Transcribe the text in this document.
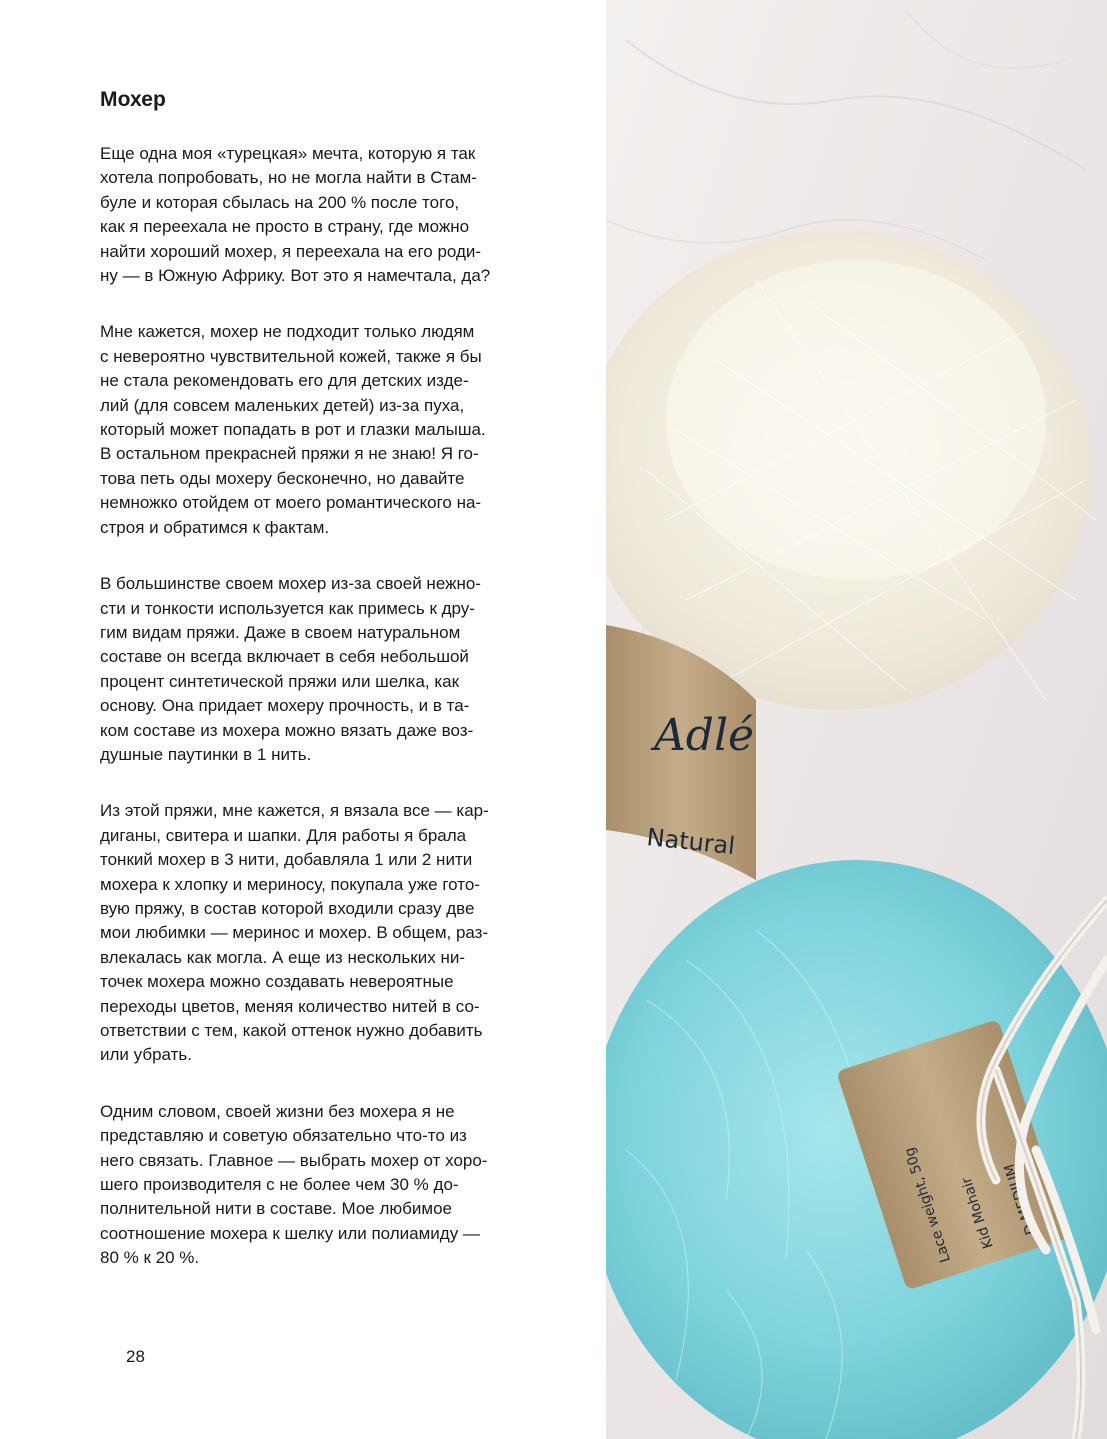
Мохер

Еще одна моя «турецкая» мечта, которую я так
хотела попробовать, но не могла найти в Стам-
буле и которая сбылась на 200 % после того,
как я переехала не просто в страну, где можно
найти хороший мохер, я переехала на его роди-
ну — в Южную Африку. Вот это я намечтала, да?

Мне кажется, мохер не подходит только людям
с невероятно чувствительной кожей, также я бы
не стала рекомендовать его для детских изде-
лий (для совсем маленьких детей) из-за пуха,
который может попадать в рот и глазки малыша.
В остальном прекрасней пряжи я не знаю! Я го-
това петь оды мохеру бесконечно, но давайте
немножко отойдем от моего романтического на-
строя и обратимся к фактам.

В большинстве своем мохер из-за своей нежно-
сти и тонкости используется как примесь к дру-
гим видам пряжи. Даже в своем натуральном
составе он всегда включает в себя небольшой
процент синтетической пряжи или шелка, как
основу. Она придает мохеру прочность, и в та-
ком составе из мохера можно вязать даже воз-
душные паутинки в 1 нить.

Из этой пряжи, мне кажется, я вязала все — кар-
диганы, свитера и шапки. Для работы я брала
тонкий мохер в 3 нити, добавляла 1 или 2 нити
мохера к хлопку и мериносу, покупала уже гото-
вую пряжу, в состав которой входили сразу две
мои любимки — меринос и мохер. В общем, раз-
влекалась как могла. А еще из нескольких ни-
точек мохера можно создавать невероятные
переходы цветов, меняя количество нитей в со-
ответствии с тем, какой оттенок нужно добавить
или убрать.

Одним словом, своей жизни без мохера я не
представляю и советую обязательно что-то из
него связать. Главное — выбрать мохер от хоро-
шего производителя с не более чем 30 % до-
полнительной нити в составе. Мое любимое
соотношение мохера к шелку или полиамиду —
80 % к 20 %.

28
Adlé
Natural
Lace weight, 50g Kid Mohair D MEDIUM
